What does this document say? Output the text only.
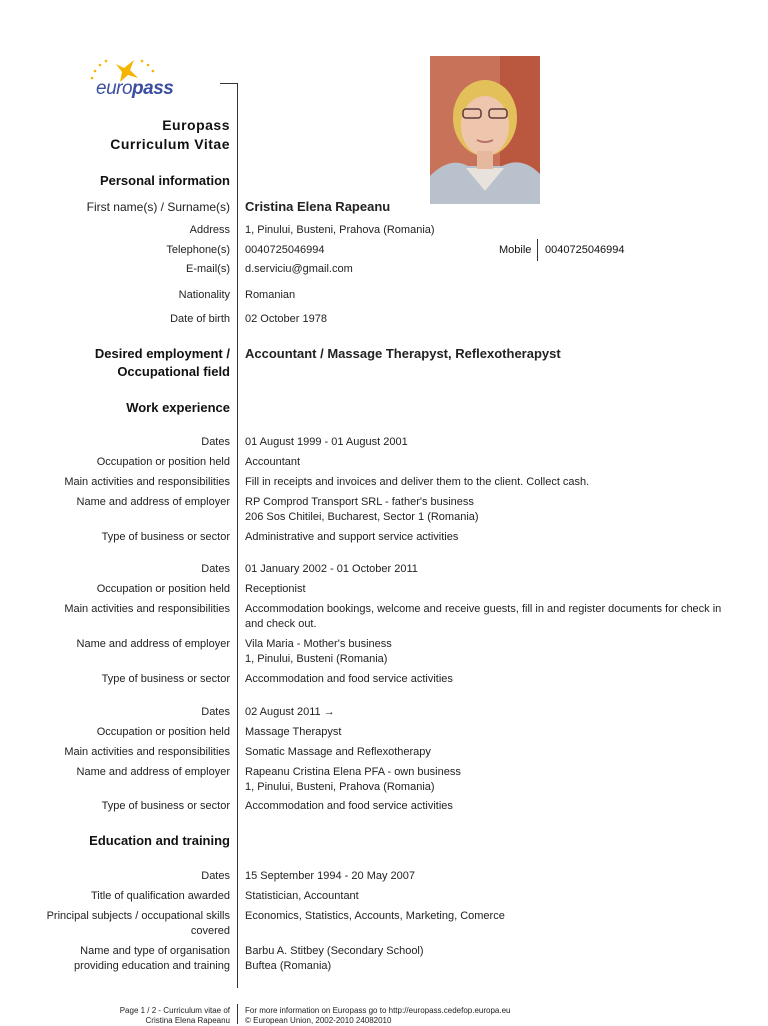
europass
Europass
Curriculum Vitae
Personal information
First name(s) / Surname(s) Cristina Elena Rapeanu
Address 1, Pinului, Busteni, Prahova (Romania)
Telephone(s) 0040725046994	Mobile 0040725046994
E-mail(s) d.serviciu@gmail.com
Nationality Romanian
Date of birth 02 October 1978
Desired employment /
Occupational field
Accountant / Massage Therapyst, Reflexotherapyst
Work experience
Dates 01 August 1999 - 01 August 2001
Occupation or position held Accountant
Main activities and responsibilities Fill in receipts and invoices and deliver them to the client. Collect cash.
Name and address of employer RP Comprod Transport SRL - father's business
206 Sos Chitilei, Bucharest, Sector 1 (Romania)
Type of business or sector Administrative and support service activities
Dates 01 January 2002 - 01 October 2011
Occupation or position held Receptionist
Main activities and responsibilities Accommodation bookings, welcome and receive guests, fill in and register documents for check in and check out.
Name and address of employer Vila Maria - Mother's business
1, Pinului, Busteni (Romania)
Type of business or sector Accommodation and food service activities
Dates 02 August 2011 →
Occupation or position held Massage Therapyst
Main activities and responsibilities Somatic Massage and Reflexotherapy
Name and address of employer Rapeanu Cristina Elena PFA - own business
1, Pinului, Busteni, Prahova (Romania)
Type of business or sector Accommodation and food service activities
Education and training
Dates 15 September 1994 - 20 May 2007
Title of qualification awarded Statistician, Accountant
Principal subjects / occupational skills
covered
Economics, Statistics, Accounts, Marketing, Comerce
Name and type of organisation
providing education and training
Barbu A. Stitbey (Secondary School)
Buftea (Romania)
Page 1 / 2 - Curriculum vitae of
Cristina Elena Rapeanu
For more information on Europass go to http://europass.cedefop.europa.eu
© European Union, 2002-2010 24082010
